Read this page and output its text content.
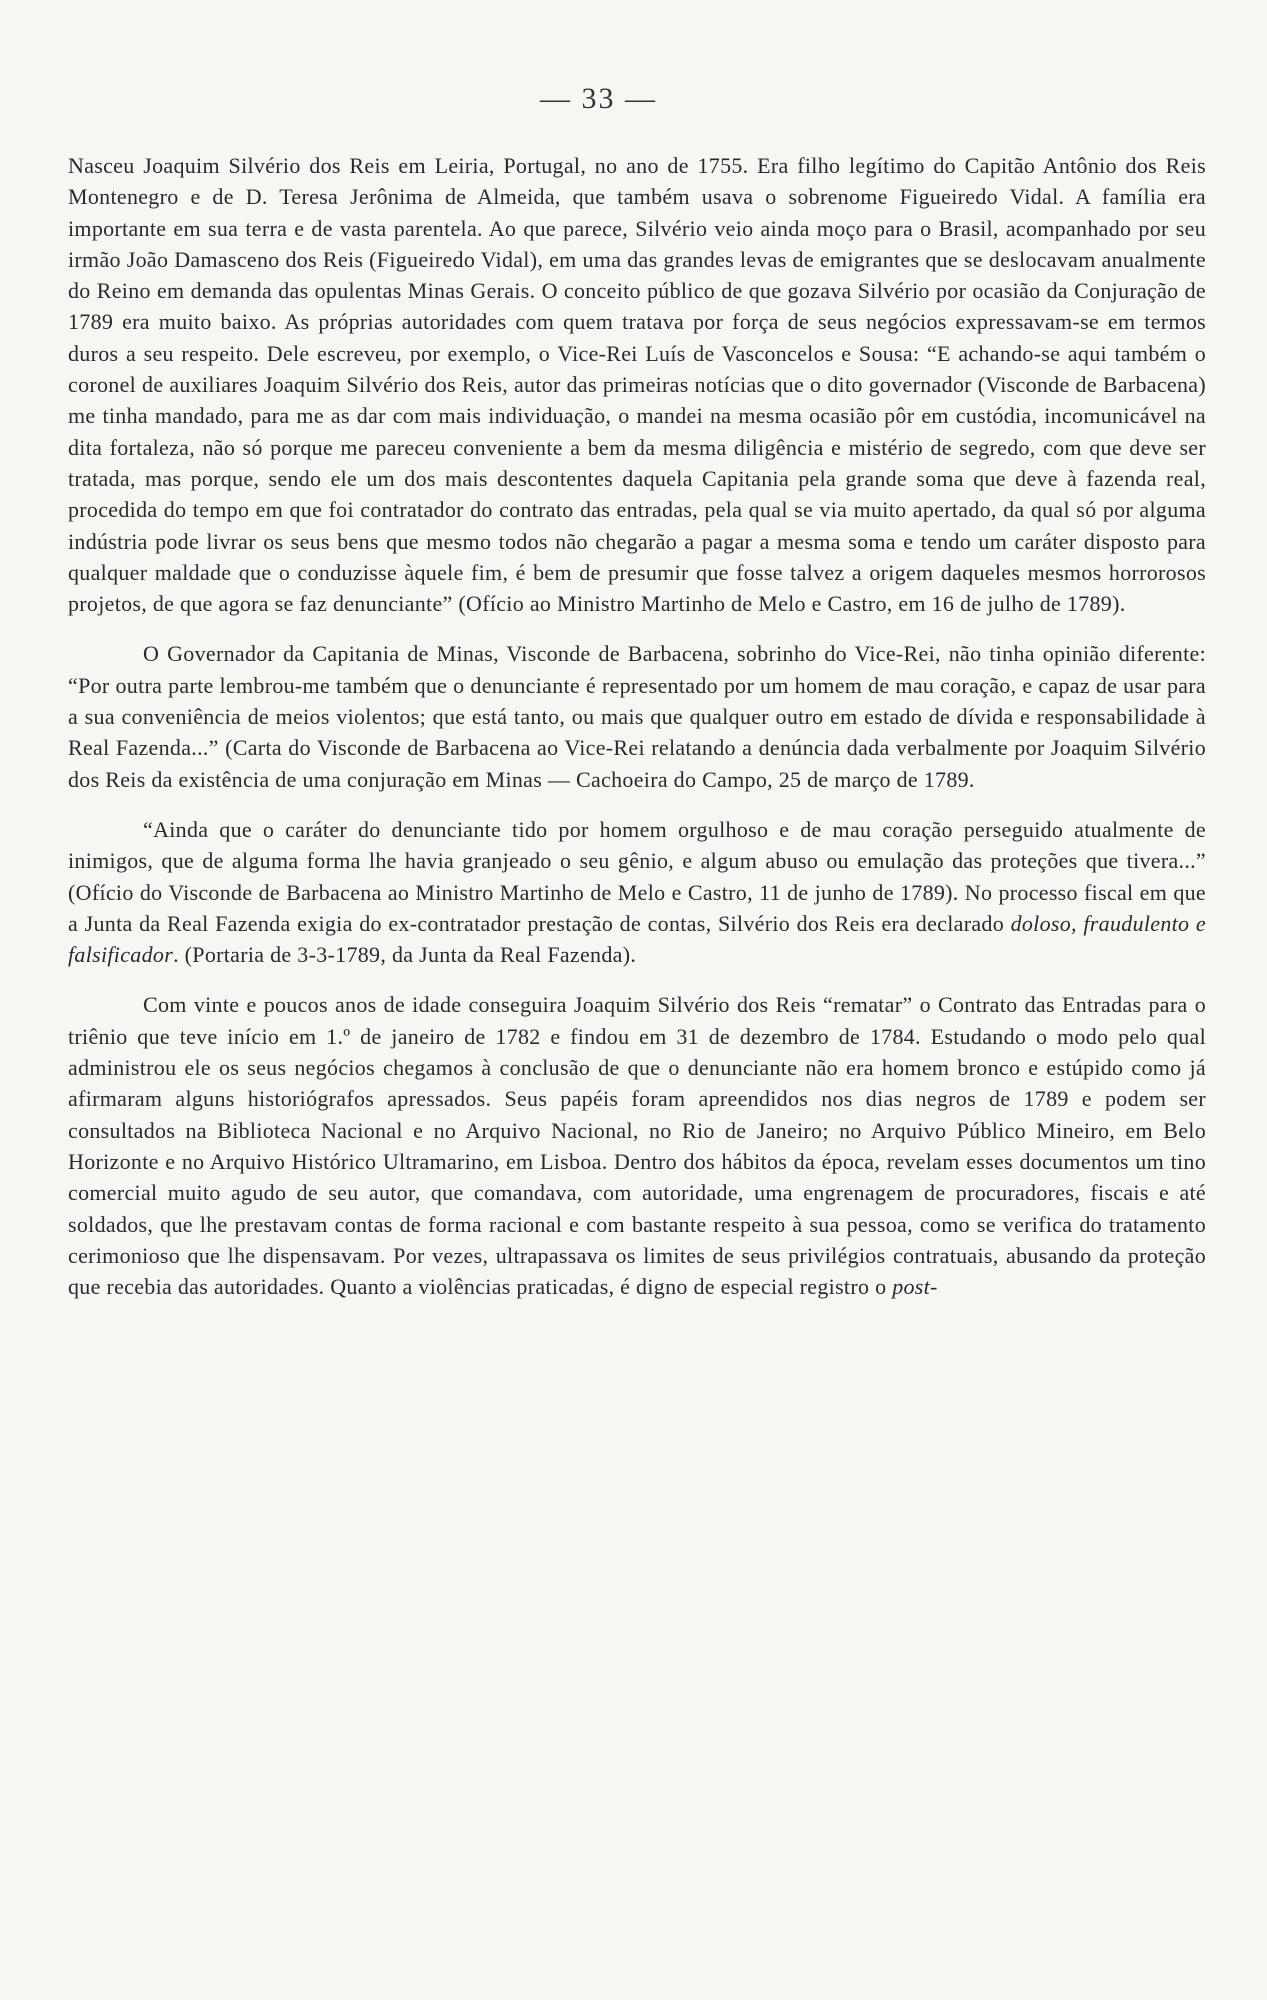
— 33 —

Nasceu Joaquim Silvério dos Reis em Leiria, Portugal, no ano de 1755. Era filho legítimo do Capitão Antônio dos Reis Montenegro e de D. Teresa Jerônima de Almeida, que também usava o sobrenome Figueiredo Vidal. A família era importante em sua terra e de vasta parentela. Ao que parece, Silvério veio ainda moço para o Brasil, acompanhado por seu irmão João Damasceno dos Reis (Figueiredo Vidal), em uma das grandes levas de emigrantes que se deslocavam anualmente do Reino em demanda das opulentas Minas Gerais. O conceito público de que gozava Silvério por ocasião da Conjuração de 1789 era muito baixo. As próprias autoridades com quem tratava por força de seus negócios expressavam-se em termos duros a seu respeito. Dele escreveu, por exemplo, o Vice-Rei Luís de Vasconcelos e Sousa: “E achando-se aqui também o coronel de auxiliares Joaquim Silvério dos Reis, autor das primeiras notícias que o dito governador (Visconde de Barbacena) me tinha mandado, para me as dar com mais individuação, o mandei na mesma ocasião pôr em custódia, incomunicável na dita fortaleza, não só porque me pareceu conveniente a bem da mesma diligência e mistério de segredo, com que deve ser tratada, mas porque, sendo ele um dos mais descontentes daquela Capitania pela grande soma que deve à fazenda real, procedida do tempo em que foi contratador do contrato das entradas, pela qual se via muito apertado, da qual só por alguma indústria pode livrar os seus bens que mesmo todos não chegarão a pagar a mesma soma e tendo um caráter disposto para qualquer maldade que o conduzisse àquele fim, é bem de presumir que fosse talvez a origem daqueles mesmos horrorosos projetos, de que agora se faz denunciante” (Ofício ao Ministro Martinho de Melo e Castro, em 16 de julho de 1789).

O Governador da Capitania de Minas, Visconde de Barbacena, sobrinho do Vice-Rei, não tinha opinião diferente: “Por outra parte lembrou-me também que o denunciante é representado por um homem de mau coração, e capaz de usar para a sua conveniência de meios violentos; que está tanto, ou mais que qualquer outro em estado de dívida e responsabilidade à Real Fazenda...” (Carta do Visconde de Barbacena ao Vice-Rei relatando a denúncia dada verbalmente por Joaquim Silvério dos Reis da existência de uma conjuração em Minas — Cachoeira do Campo, 25 de março de 1789.

“Ainda que o caráter do denunciante tido por homem orgulhoso e de mau coração perseguido atualmente de inimigos, que de alguma forma lhe havia granjeado o seu gênio, e algum abuso ou emulação das proteções que tivera...” (Ofício do Visconde de Barbacena ao Ministro Martinho de Melo e Castro, 11 de junho de 1789). No processo fiscal em que a Junta da Real Fazenda exigia do ex-contratador prestação de contas, Silvério dos Reis era declarado doloso, fraudulento e falsificador. (Portaria de 3-3-1789, da Junta da Real Fazenda).

Com vinte e poucos anos de idade conseguira Joaquim Silvério dos Reis “rematar” o Contrato das Entradas para o triênio que teve início em 1.º de janeiro de 1782 e findou em 31 de dezembro de 1784. Estudando o modo pelo qual administrou ele os seus negócios chegamos à conclusão de que o denunciante não era homem bronco e estúpido como já afirmaram alguns historiógrafos apressados. Seus papéis foram apreendidos nos dias negros de 1789 e podem ser consultados na Biblioteca Nacional e no Arquivo Nacional, no Rio de Janeiro; no Arquivo Público Mineiro, em Belo Horizonte e no Arquivo Histórico Ultramarino, em Lisboa. Dentro dos hábitos da época, revelam esses documentos um tino comercial muito agudo de seu autor, que comandava, com autoridade, uma engrenagem de procuradores, fiscais e até soldados, que lhe prestavam contas de forma racional e com bastante respeito à sua pessoa, como se verifica do tratamento cerimonioso que lhe dispensavam. Por vezes, ultrapassava os limites de seus privilégios contratuais, abusando da proteção que recebia das autoridades. Quanto a violências praticadas, é digno de especial registro o post-
